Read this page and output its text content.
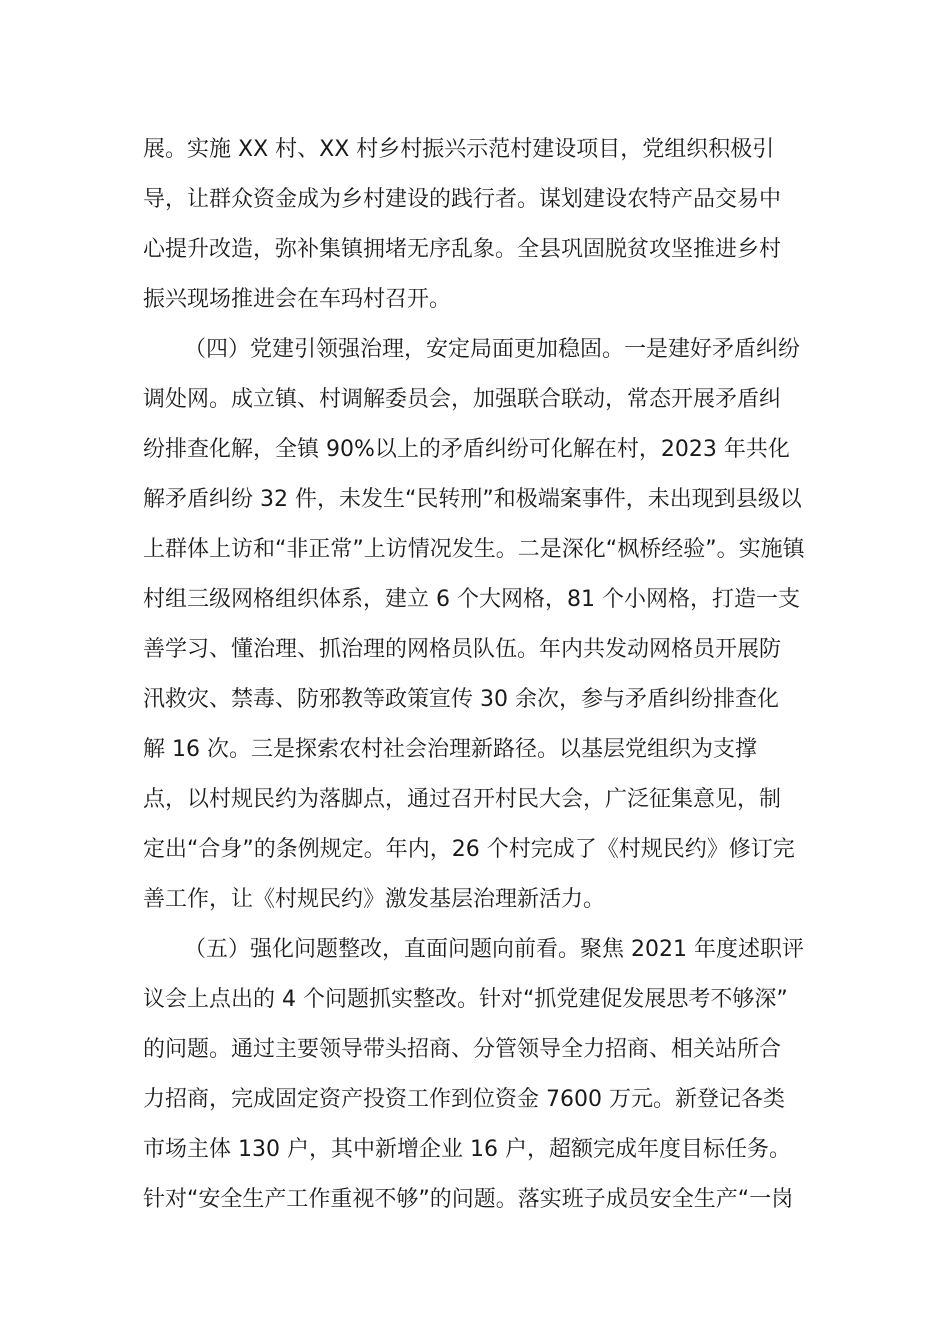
展。实施 XX 村、XX 村乡村振兴示范村建设项目，党组织积极引
导，让群众资金成为乡村建设的践行者。谋划建设农特产品交易中
心提升改造，弥补集镇拥堵无序乱象。全县巩固脱贫攻坚推进乡村
振兴现场推进会在车玛村召开。
（四）党建引领强治理，安定局面更加稳固。一是建好矛盾纠纷
调处网。成立镇、村调解委员会，加强联合联动，常态开展矛盾纠
纷排查化解，全镇 90%以上的矛盾纠纷可化解在村，2023 年共化
解矛盾纠纷 32 件，未发生“民转刑”和极端案事件，未出现到县级以
上群体上访和“非正常”上访情况发生。二是深化“枫桥经验”。实施镇
村组三级网格组织体系，建立 6 个大网格，81 个小网格，打造一支
善学习、懂治理、抓治理的网格员队伍。年内共发动网格员开展防
汛救灾、禁毒、防邪教等政策宣传 30 余次，参与矛盾纠纷排查化
解 16 次。三是探索农村社会治理新路径。以基层党组织为支撑
点，以村规民约为落脚点，通过召开村民大会，广泛征集意见，制
定出“合身”的条例规定。年内，26 个村完成了《村规民约》修订完
善工作，让《村规民约》激发基层治理新活力。
（五）强化问题整改，直面问题向前看。聚焦 2021 年度述职评
议会上点出的 4 个问题抓实整改。针对“抓党建促发展思考不够深”
的问题。通过主要领导带头招商、分管领导全力招商、相关站所合
力招商，完成固定资产投资工作到位资金 7600 万元。新登记各类
市场主体 130 户，其中新增企业 16 户，超额完成年度目标任务。
针对“安全生产工作重视不够”的问题。落实班子成员安全生产“一岗
